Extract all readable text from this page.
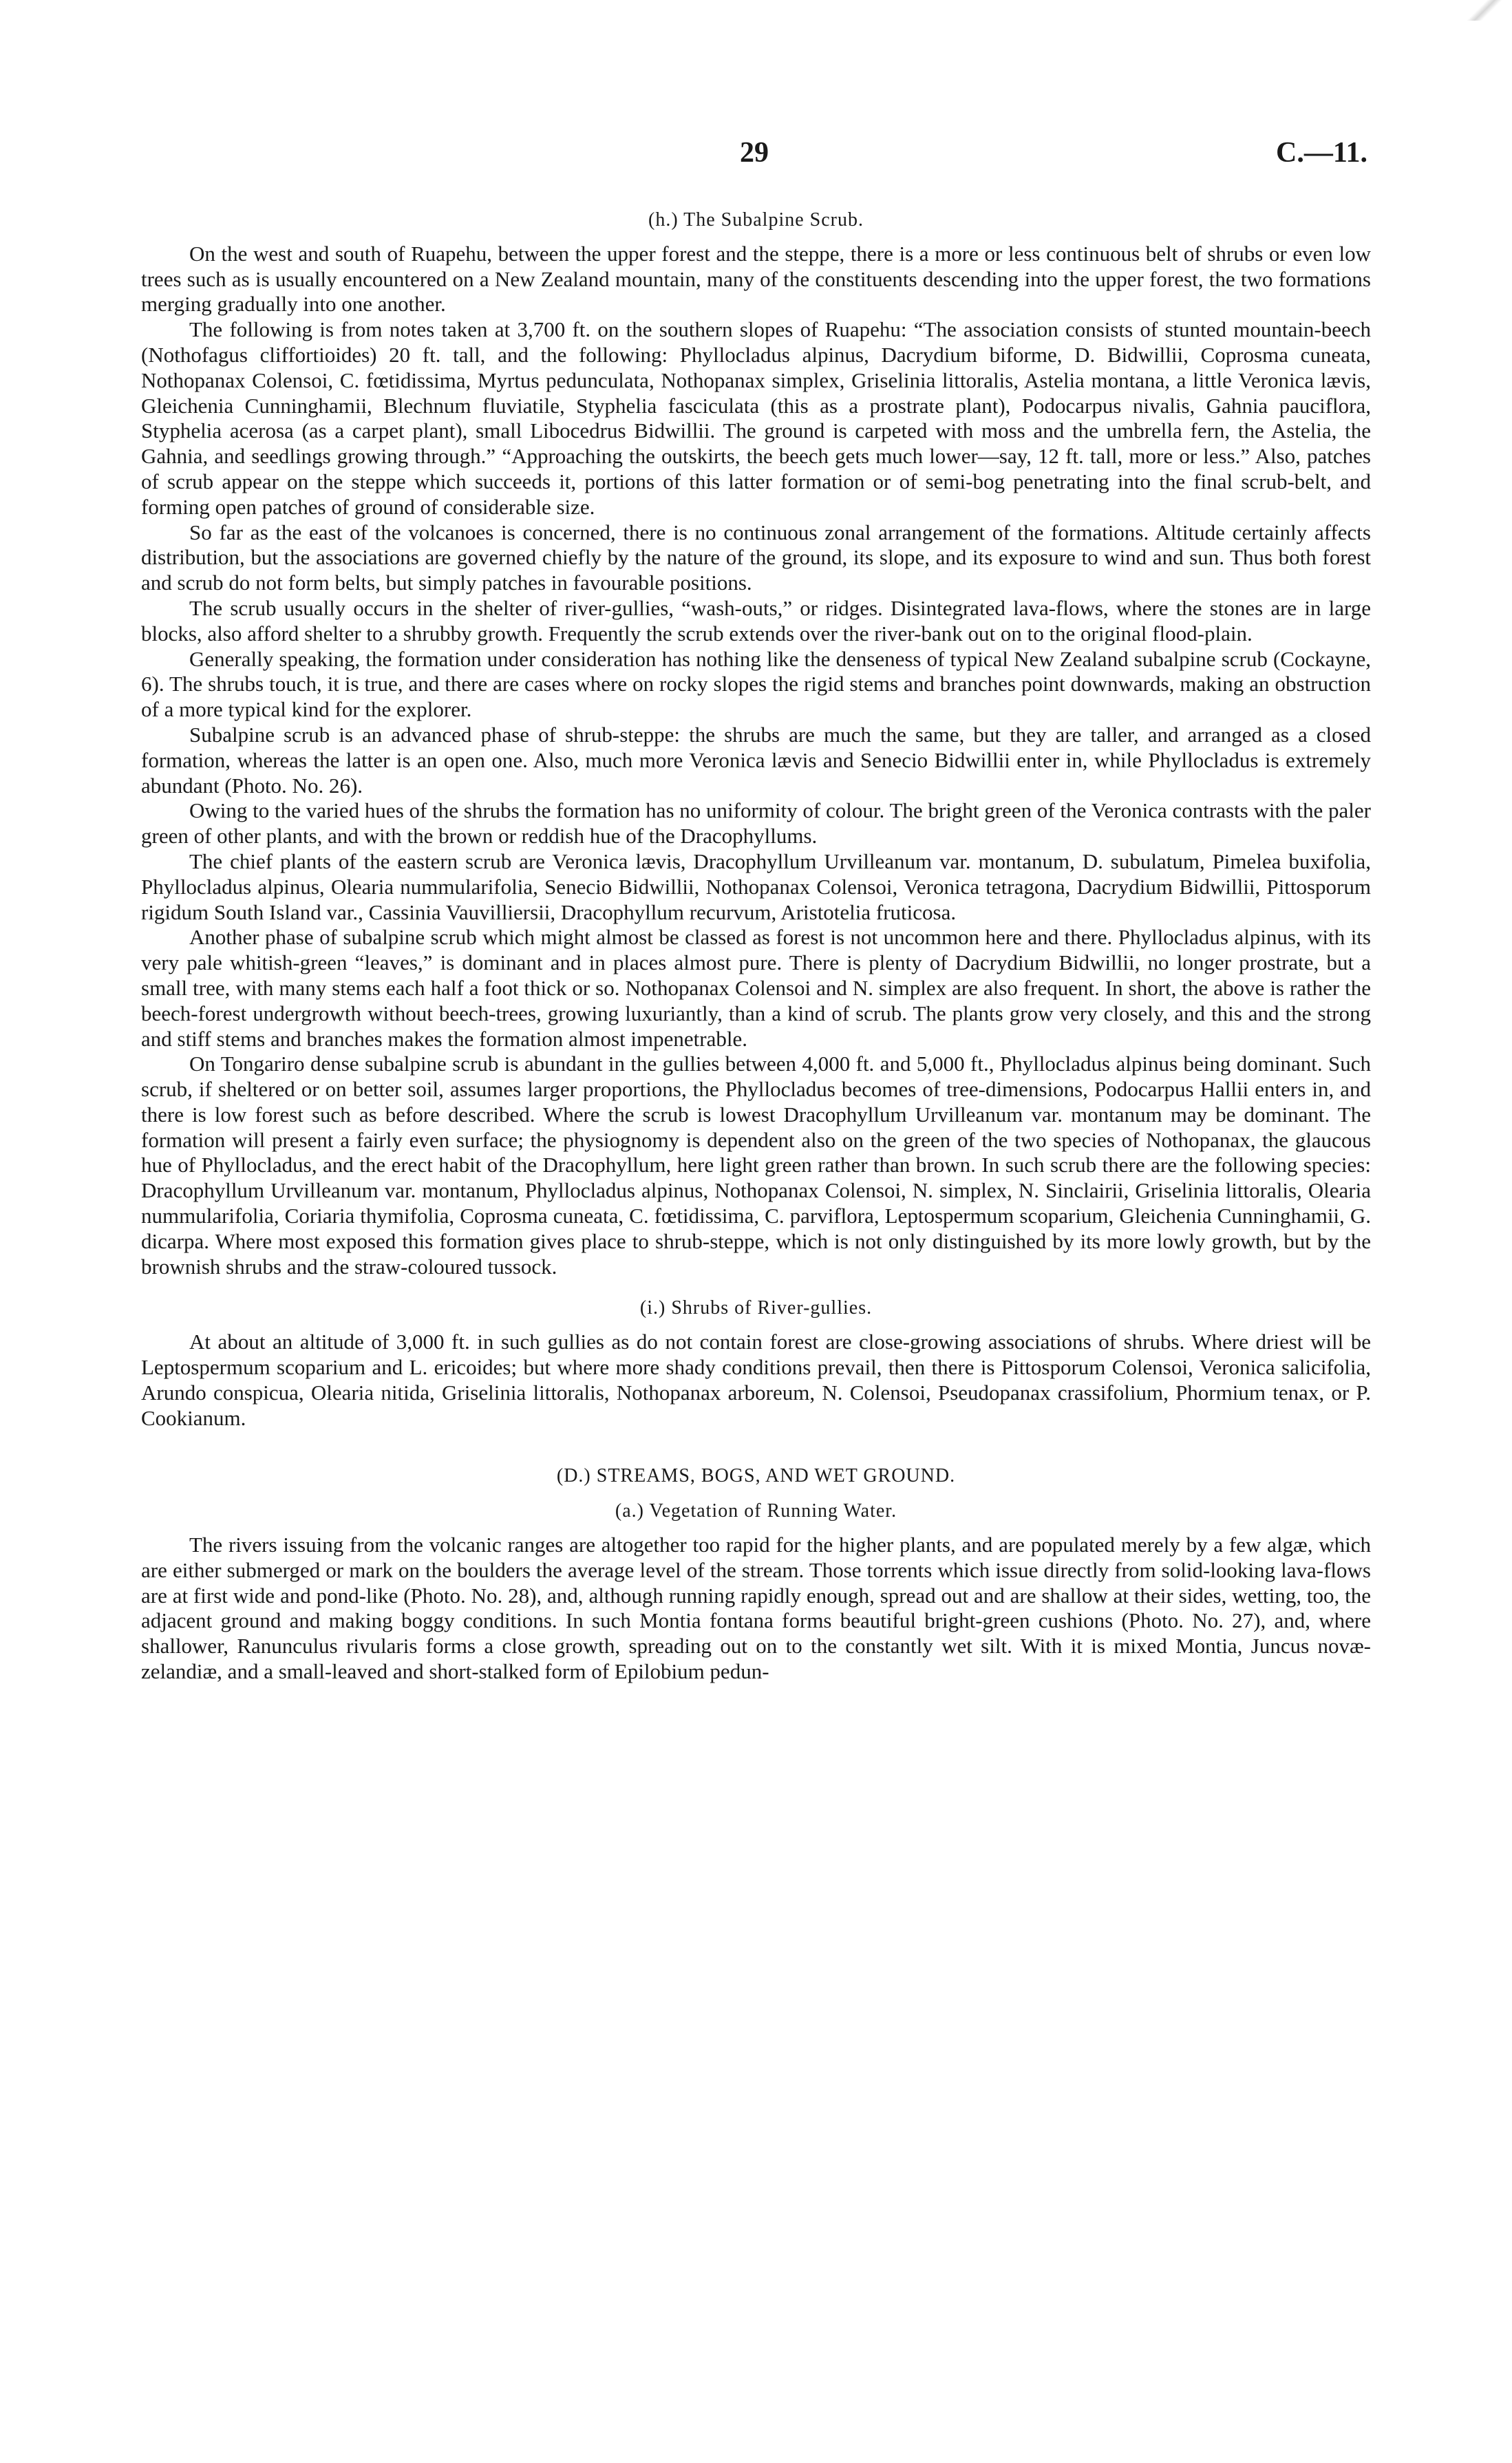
29	C.—11.
(h.) The Subalpine Scrub.

On the west and south of Ruapehu, between the upper forest and the steppe, there is a more or less continuous belt of shrubs or even low trees such as is usually encountered on a New Zealand mountain, many of the constituents descending into the upper forest, the two formations merging gradually into one another.

The following is from notes taken at 3,700 ft. on the southern slopes of Ruapehu: “The association consists of stunted mountain-beech (Nothofagus cliffortioides) 20 ft. tall, and the following: Phyllocladus alpinus, Dacrydium biforme, D. Bidwillii, Coprosma cuneata, Nothopanax Colensoi, C. fœtidissima, Myrtus pedunculata, Nothopanax simplex, Griselinia littoralis, Astelia montana, a little Veronica lævis, Gleichenia Cunninghamii, Blechnum fluviatile, Styphelia fasciculata (this as a prostrate plant), Podocarpus nivalis, Gahnia pauciflora, Styphelia acerosa (as a carpet plant), small Libocedrus Bidwillii. The ground is carpeted with moss and the umbrella fern, the Astelia, the Gahnia, and seedlings growing through.” “Approaching the outskirts, the beech gets much lower—say, 12 ft. tall, more or less.” Also, patches of scrub appear on the steppe which succeeds it, portions of this latter formation or of semi-bog penetrating into the final scrub-belt, and forming open patches of ground of considerable size.

So far as the east of the volcanoes is concerned, there is no continuous zonal arrangement of the formations. Altitude certainly affects distribution, but the associations are governed chiefly by the nature of the ground, its slope, and its exposure to wind and sun. Thus both forest and scrub do not form belts, but simply patches in favourable positions.

The scrub usually occurs in the shelter of river-gullies, “wash-outs,” or ridges. Disintegrated lava-flows, where the stones are in large blocks, also afford shelter to a shrubby growth. Frequently the scrub extends over the river-bank out on to the original flood-plain.

Generally speaking, the formation under consideration has nothing like the denseness of typical New Zealand subalpine scrub (Cockayne, 6). The shrubs touch, it is true, and there are cases where on rocky slopes the rigid stems and branches point downwards, making an obstruction of a more typical kind for the explorer.

Subalpine scrub is an advanced phase of shrub-steppe: the shrubs are much the same, but they are taller, and arranged as a closed formation, whereas the latter is an open one. Also, much more Veronica lævis and Senecio Bidwillii enter in, while Phyllocladus is extremely abundant (Photo. No. 26).

Owing to the varied hues of the shrubs the formation has no uniformity of colour. The bright green of the Veronica contrasts with the paler green of other plants, and with the brown or reddish hue of the Dracophyllums.

The chief plants of the eastern scrub are Veronica lævis, Dracophyllum Urvilleanum var. montanum, D. subulatum, Pimelea buxifolia, Phyllocladus alpinus, Olearia nummularifolia, Senecio Bidwillii, Nothopanax Colensoi, Veronica tetragona, Dacrydium Bidwillii, Pittosporum rigidum South Island var., Cassinia Vauvilliersii, Dracophyllum recurvum, Aristotelia fruticosa.

Another phase of subalpine scrub which might almost be classed as forest is not uncommon here and there. Phyllocladus alpinus, with its very pale whitish-green “leaves,” is dominant and in places almost pure. There is plenty of Dacrydium Bidwillii, no longer prostrate, but a small tree, with many stems each half a foot thick or so. Nothopanax Colensoi and N. simplex are also frequent. In short, the above is rather the beech-forest undergrowth without beech-trees, growing luxuriantly, than a kind of scrub. The plants grow very closely, and this and the strong and stiff stems and branches makes the formation almost impenetrable.

On Tongariro dense subalpine scrub is abundant in the gullies between 4,000 ft. and 5,000 ft., Phyllocladus alpinus being dominant. Such scrub, if sheltered or on better soil, assumes larger proportions, the Phyllocladus becomes of tree-dimensions, Podocarpus Hallii enters in, and there is low forest such as before described. Where the scrub is lowest Dracophyllum Urvilleanum var. montanum may be dominant. The formation will present a fairly even surface; the physiognomy is dependent also on the green of the two species of Nothopanax, the glaucous hue of Phyllocladus, and the erect habit of the Dracophyllum, here light green rather than brown. In such scrub there are the following species: Dracophyllum Urvilleanum var. montanum, Phyllocladus alpinus, Nothopanax Colensoi, N. simplex, N. Sinclairii, Griselinia littoralis, Olearia nummularifolia, Coriaria thymifolia, Coprosma cuneata, C. fœtidissima, C. parviflora, Leptospermum scoparium, Gleichenia Cunninghamii, G. dicarpa. Where most exposed this formation gives place to shrub-steppe, which is not only distinguished by its more lowly growth, but by the brownish shrubs and the straw-coloured tussock.

(i.) Shrubs of River-gullies.

At about an altitude of 3,000 ft. in such gullies as do not contain forest are close-growing associations of shrubs. Where driest will be Leptospermum scoparium and L. ericoides; but where more shady conditions prevail, then there is Pittosporum Colensoi, Veronica salicifolia, Arundo conspicua, Olearia nitida, Griselinia littoralis, Nothopanax arboreum, N. Colensoi, Pseudopanax crassifolium, Phormium tenax, or P. Cookianum.

(D.) STREAMS, BOGS, AND WET GROUND.
(a.) Vegetation of Running Water.

The rivers issuing from the volcanic ranges are altogether too rapid for the higher plants, and are populated merely by a few algæ, which are either submerged or mark on the boulders the average level of the stream. Those torrents which issue directly from solid-looking lava-flows are at first wide and pond-like (Photo. No. 28), and, although running rapidly enough, spread out and are shallow at their sides, wetting, too, the adjacent ground and making boggy conditions. In such Montia fontana forms beautiful bright-green cushions (Photo. No. 27), and, where shallower, Ranunculus rivularis forms a close growth, spreading out on to the constantly wet silt. With it is mixed Montia, Juncus novæ-zelandiæ, and a small-leaved and short-stalked form of Epilobium pedun-
